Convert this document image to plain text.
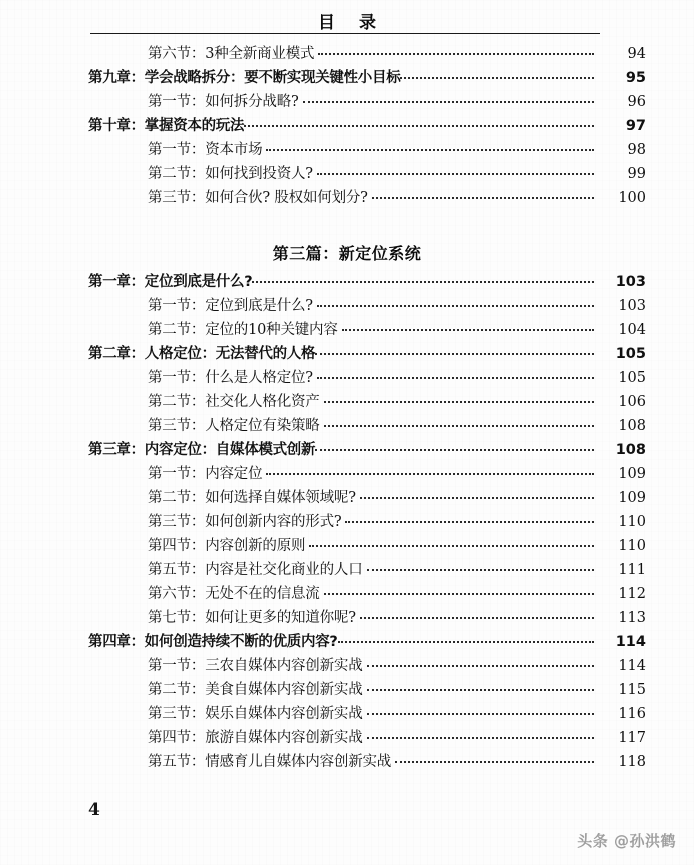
目 录
第六节：3种全新商业模式	94
第九章：学会战略拆分：要不断实现关键性小目标	95
第一节：如何拆分战略?	96
第十章：掌握资本的玩法	97
第一节：资本市场	98
第二节：如何找到投资人?	99
第三节：如何合伙? 股权如何划分?	100
第三篇：新定位系统
第一章：定位到底是什么?	103
第一节：定位到底是什么?	103
第二节：定位的10种关键内容	104
第二章：人格定位：无法替代的人格	105
第一节：什么是人格定位?	105
第二节：社交化人格化资产	106
第三节：人格定位有染策略	108
第三章：内容定位：自媒体模式创新	108
第一节：内容定位	109
第二节：如何选择自媒体领域呢?	109
第三节：如何创新内容的形式?	110
第四节：内容创新的原则	110
第五节：内容是社交化商业的人口	111
第六节：无处不在的信息流	112
第七节：如何让更多的知道你呢?	113
第四章：如何创造持续不断的优质内容?	114
第一节：三农自媒体内容创新实战	114
第二节：美食自媒体内容创新实战	115
第三节：娱乐自媒体内容创新实战	116
第四节：旅游自媒体内容创新实战	117
第五节：情感育儿自媒体内容创新实战	118
4
头条 @孙洪鹤
